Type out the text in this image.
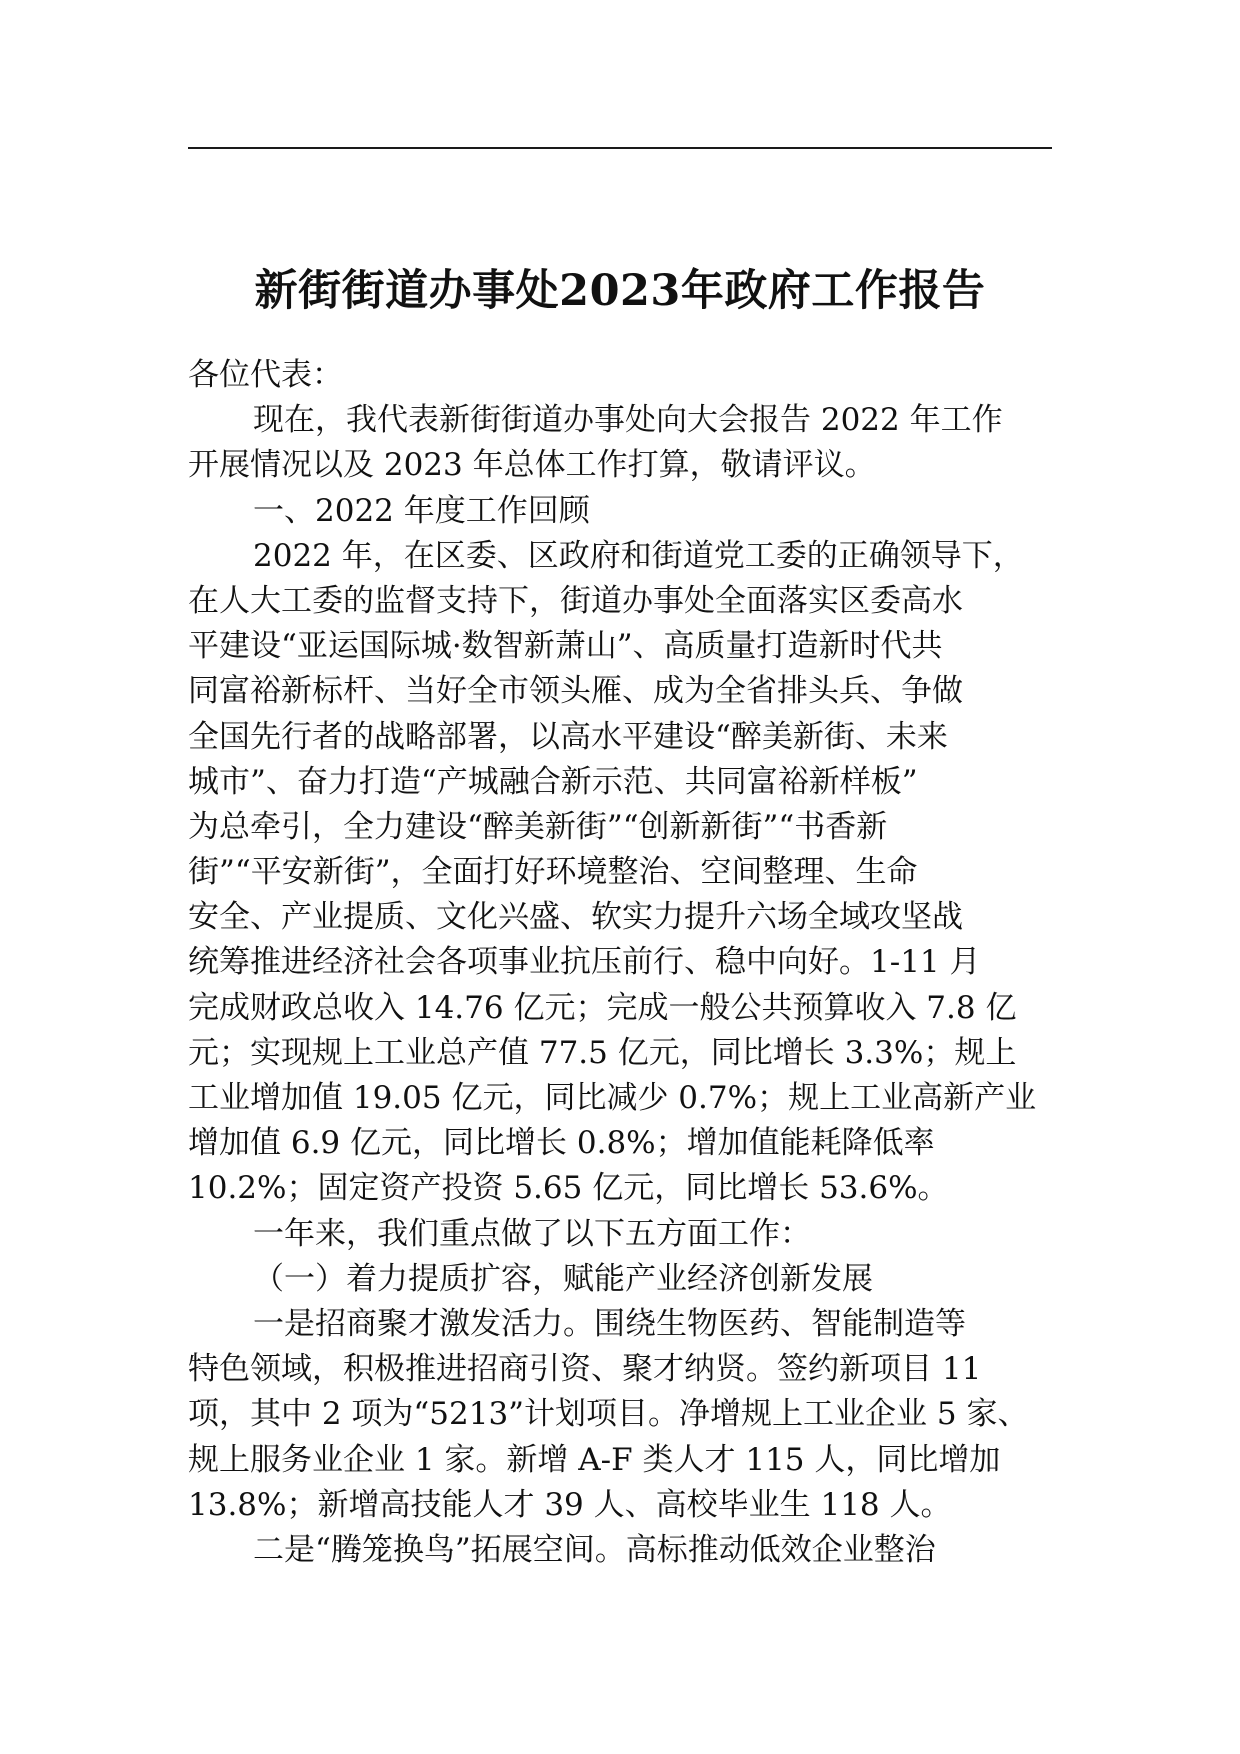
新街街道办事处2023年政府工作报告

各位代表：

现在，我代表新街街道办事处向大会报告 2022 年工作
开展情况以及 2023 年总体工作打算，敬请评议。

一、2022 年度工作回顾

2022 年，在区委、区政府和街道党工委的正确领导下，
在人大工委的监督支持下，街道办事处全面落实区委高水
平建设“亚运国际城·数智新萧山”、高质量打造新时代共
同富裕新标杆、当好全市领头雁、成为全省排头兵、争做
全国先行者的战略部署，以高水平建设“醉美新街、未来
城市”、奋力打造“产城融合新示范、共同富裕新样板”
为总牵引，全力建设“醉美新街”“创新新街”“书香新
街”“平安新街”，全面打好环境整治、空间整理、生命
安全、产业提质、文化兴盛、软实力提升六场全域攻坚战
统筹推进经济社会各项事业抗压前行、稳中向好。1-11 月
完成财政总收入 14.76 亿元；完成一般公共预算收入 7.8 亿
元；实现规上工业总产值 77.5 亿元，同比增长 3.3%；规上
工业增加值 19.05 亿元，同比减少 0.7%；规上工业高新产业
增加值 6.9 亿元，同比增长 0.8%；增加值能耗降低率
10.2%；固定资产投资 5.65 亿元，同比增长 53.6%。

一年来，我们重点做了以下五方面工作：

（一）着力提质扩容，赋能产业经济创新发展

一是招商聚才激发活力。围绕生物医药、智能制造等
特色领域，积极推进招商引资、聚才纳贤。签约新项目 11
项，其中 2 项为“5213”计划项目。净增规上工业企业 5 家、
规上服务业企业 1 家。新增 A-F 类人才 115 人，同比增加
13.8%；新增高技能人才 39 人、高校毕业生 118 人。

二是“腾笼换鸟”拓展空间。高标推动低效企业整治
